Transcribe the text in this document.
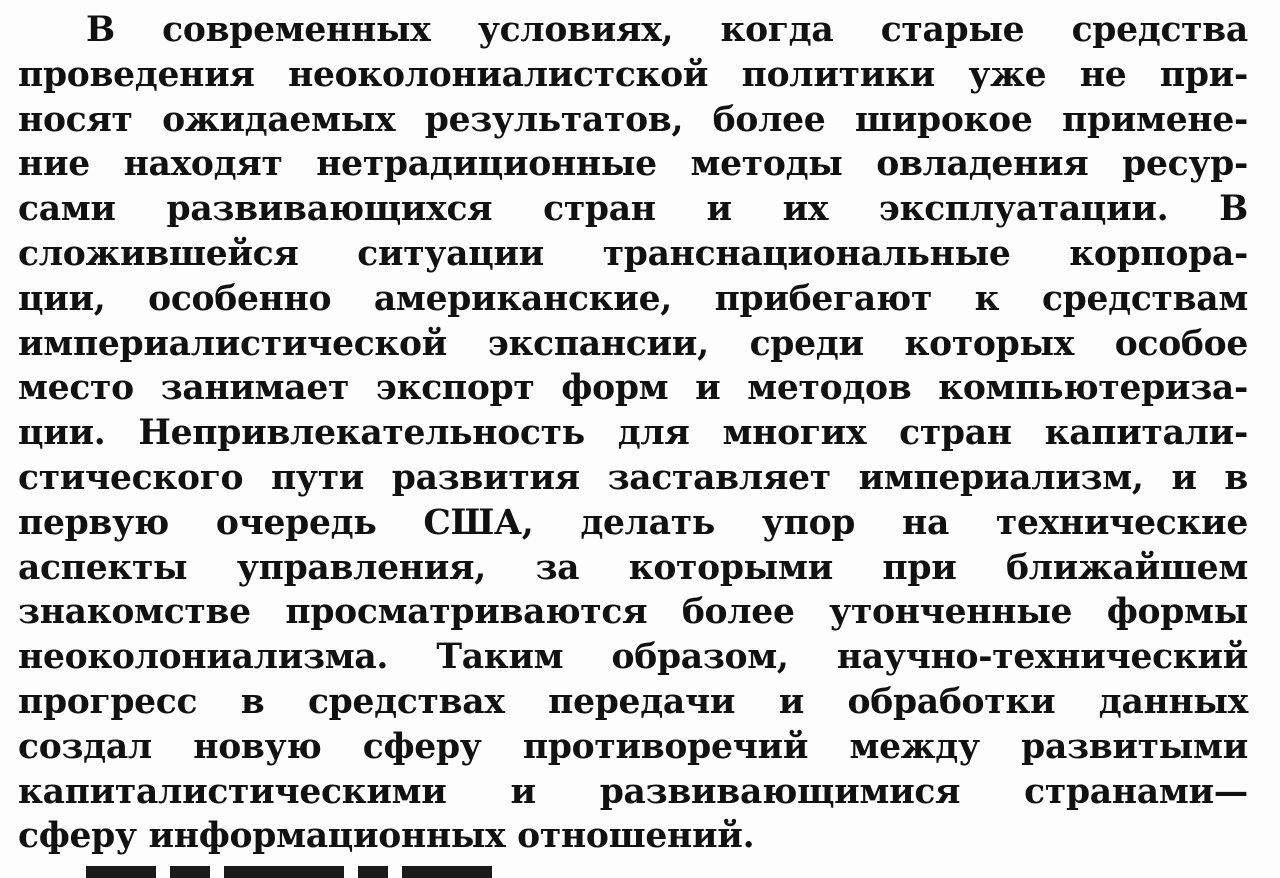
В современных условиях, когда старые средства
проведения неоколониалистской политики уже не при-
носят ожидаемых результатов, более широкое примене-
ние находят нетрадиционные методы овладения ресур-
сами развивающихся стран и их эксплуатации. В
сложившейся ситуации транснациональные корпора-
ции, особенно американские, прибегают к средствам
империалистической экспансии, среди которых особое
место занимает экспорт форм и методов компьютериза-
ции. Непривлекательность для многих стран капитали-
стического пути развития заставляет империализм, и в
первую очередь США, делать упор на технические
аспекты управления, за которыми при ближайшем
знакомстве просматриваются более утонченные формы
неоколониализма. Таким образом, научно-технический
прогресс в средствах передачи и обработки данных
создал новую сферу противоречий между развитыми
капиталистическими и развивающимися странами—
сферу информационных отношений.
